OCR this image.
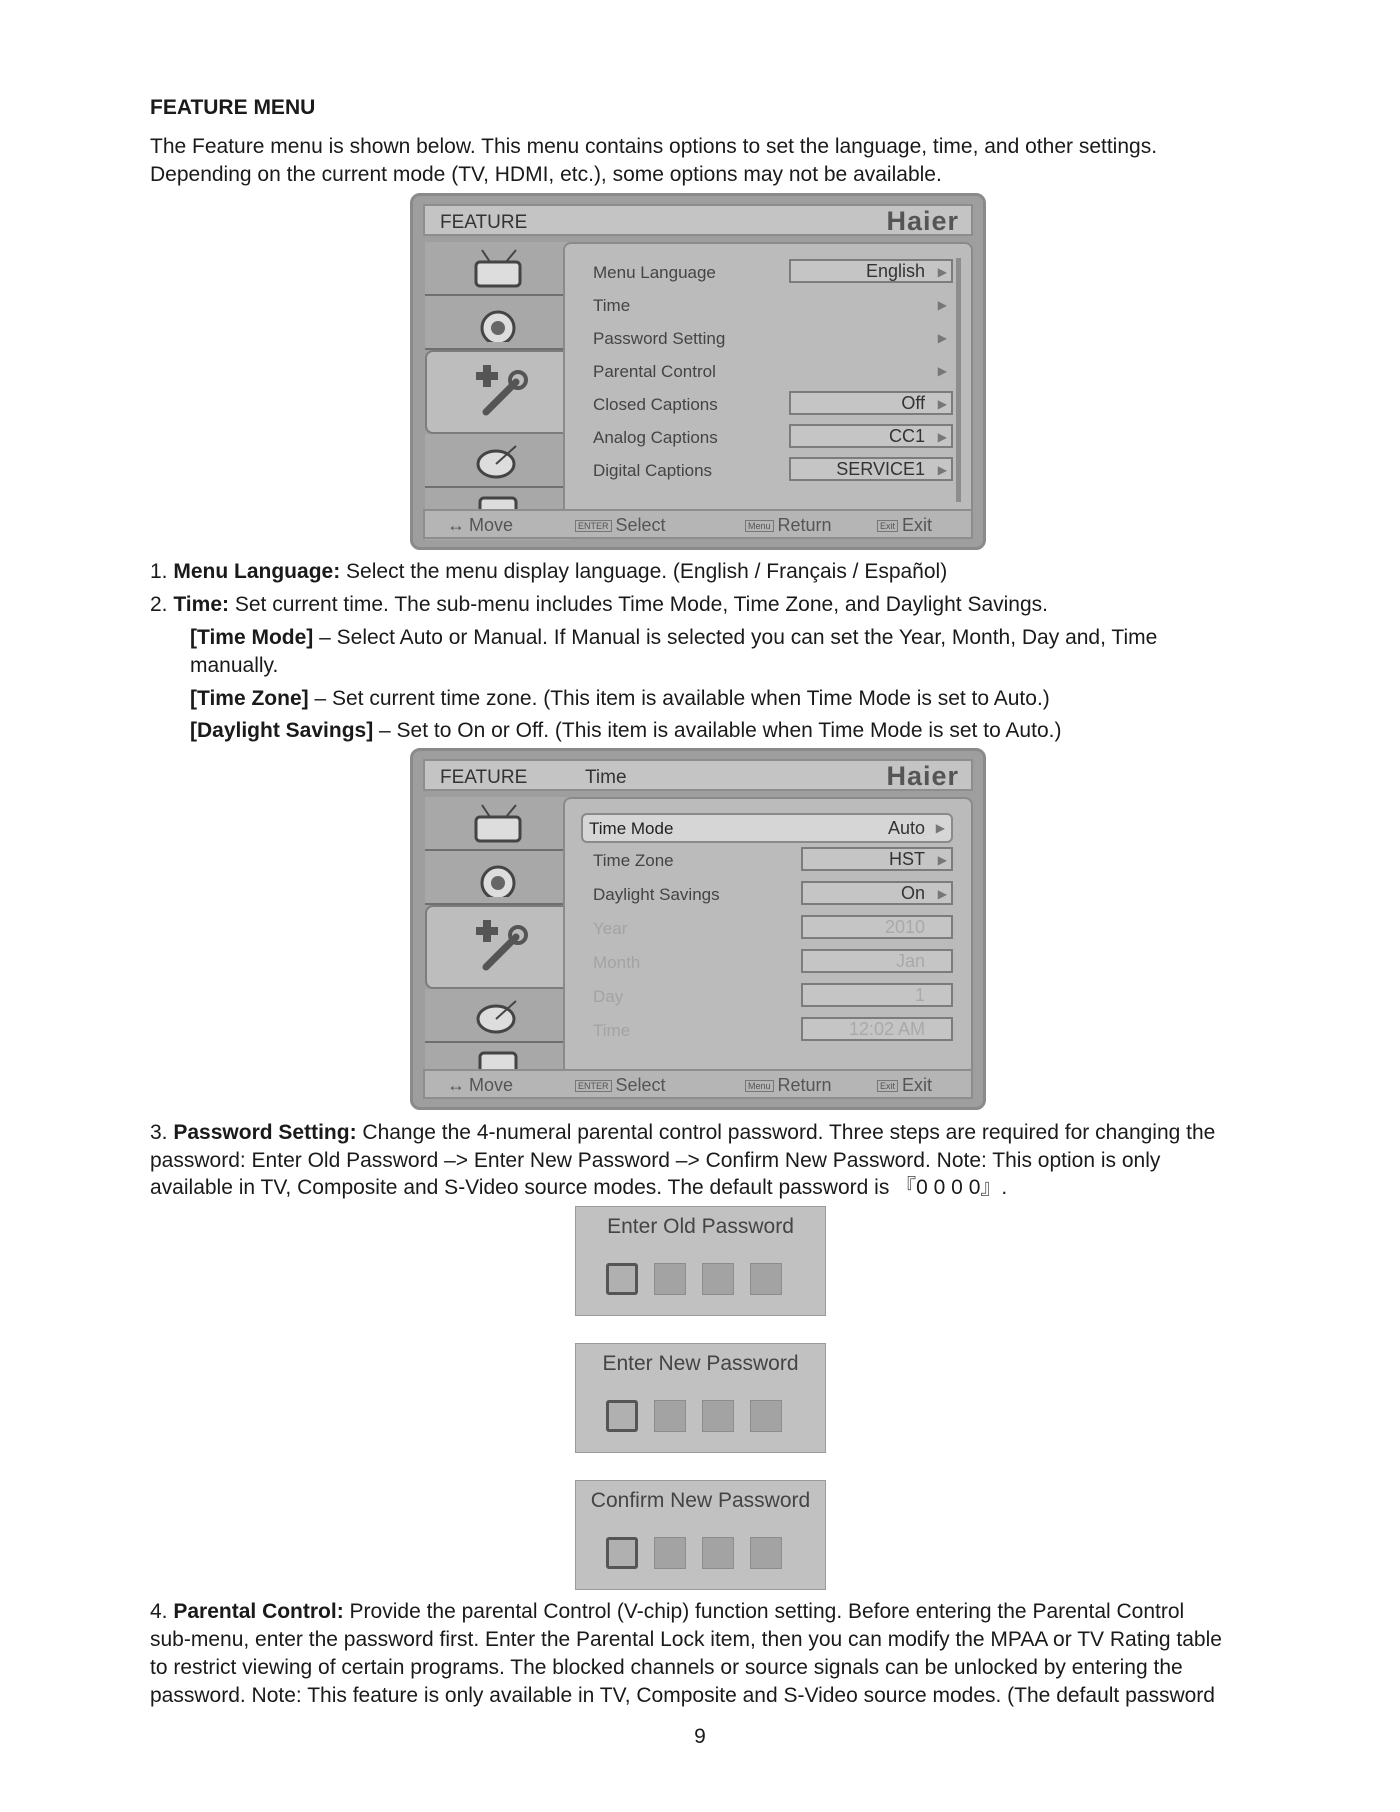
FEATURE MENU
The Feature menu is shown below. This menu contains options to set the language, time, and other settings.
Depending on the current mode (TV, HDMI, etc.), some options may not be available.
FEATURE	Haier
Menu Language	English	▶
Time	▶
Password Setting	▶
Parental Control	▶
Closed Captions	Off	▶
Analog Captions	CC1	▶
Digital Captions	SERVICE1	▶
↔ Move	ENTER Select	Menu Return	Exit Exit
1. Menu Language: Select the menu display language. (English / Français / Español)
2. Time: Set current time. The sub-menu includes Time Mode, Time Zone, and Daylight Savings.
[Time Mode] – Select Auto or Manual. If Manual is selected you can set the Year, Month, Day and, Time
manually.
[Time Zone] – Set current time zone. (This item is available when Time Mode is set to Auto.)
[Daylight Savings] – Set to On or Off. (This item is available when Time Mode is set to Auto.)
FEATURE	Time	Haier
Time Mode	Auto ▶
Time Zone	HST	▶
Daylight Savings	On	▶
Year	2010
Month	Jan
Day	1
Time	12:02 AM
↔ Move	ENTER Select	Menu Return	Exit Exit
3. Password Setting: Change the 4-numeral parental control password. Three steps are required for changing the
password: Enter Old Password –> Enter New Password –> Confirm New Password. Note: This option is only
available in TV, Composite and S-Video source modes. The default password is 『0 0 0 0』.
Enter Old Password
Enter New Password
Confirm New Password
4. Parental Control: Provide the parental Control (V-chip) function setting. Before entering the Parental Control
sub-menu, enter the password first. Enter the Parental Lock item, then you can modify the MPAA or TV Rating table
to restrict viewing of certain programs. The blocked channels or source signals can be unlocked by entering the
password. Note: This feature is only available in TV, Composite and S-Video source modes. (The default password
9
